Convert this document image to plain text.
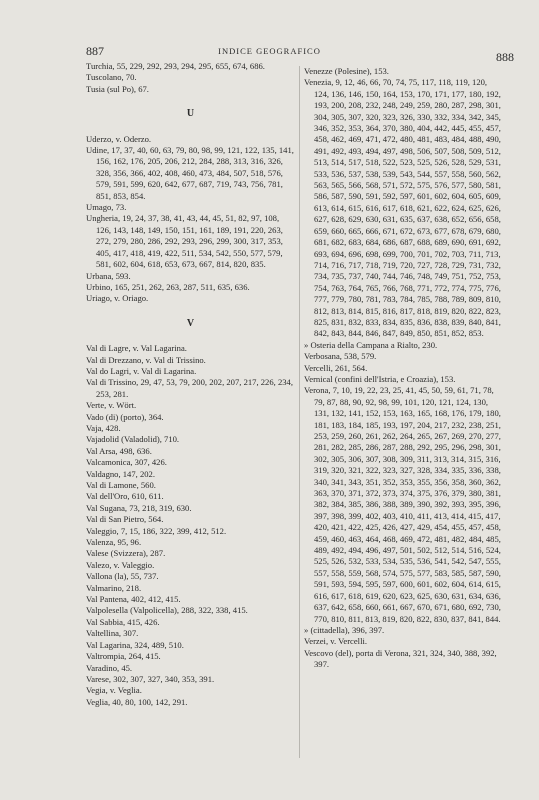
887	INDICE GEOGRAFICO	888
Turchia, 55, 229, 292, 293, 294, 295, 655, 674, 686.
Tuscolano, 70.
Tusia (sul Po), 67.
U
Uderzo, v. Oderzo.
Udine, 17, 37, 40, 60, 63, 79, 80, 98, 99, 121, 122, 135, 141, 156, 162, 176, 205, 206, 212, 284, 288, 313, 316, 326, 328, 356, 366, 402, 408, 460, 473, 484, 507, 518, 576, 579, 591, 599, 620, 642, 677, 687, 719, 743, 756, 781, 851, 853, 854.
Umago, 73.
Ungheria, 19, 24, 37, 38, 41, 43, 44, 45, 51, 82, 97, 108, 126, 143, 148, 149, 150, 151, 161, 189, 191, 220, 263, 272, 279, 280, 286, 292, 293, 296, 299, 300, 317, 353, 405, 417, 418, 419, 422, 511, 534, 542, 550, 577, 579, 581, 602, 604, 618, 653, 673, 667, 814, 820, 835.
Urbana, 593.
Urbino, 165, 251, 262, 263, 287, 511, 635, 636.
Uriago, v. Oriago.
V
Val di Lagre, v. Val Lagarina.
Val di Drezzano, v. Val di Trissino.
Val do Lagri, v. Val di Lagarina.
Val di Trissino, 29, 47, 53, 79, 200, 202, 207, 217, 226, 234, 253, 281.
Verte, v. Wört.
Vado (di) (porto), 364.
Vaja, 428.
Vajadolid (Valadolid), 710.
Val Arsa, 498, 636.
Valcamonica, 307, 426.
Valdagno, 147, 202.
Val di Lamone, 560.
Val dell'Oro, 610, 611.
Val Sugana, 73, 218, 319, 630.
Val di San Pietro, 564.
Valeggio, 7, 15, 186, 322, 399, 412, 512.
Valenza, 95, 96.
Valese (Svizzera), 287.
Valezo, v. Valeggio.
Vallona (la), 55, 737.
Valmarino, 218.
Val Pantena, 402, 412, 415.
Valpolesella (Valpolicella), 288, 322, 338, 415.
Val Sabbia, 415, 426.
Valtellina, 307.
Val Lagarina, 324, 489, 510.
Valtrompia, 264, 415.
Varadino, 45.
Varese, 302, 307, 327, 340, 353, 391.
Vegia, v. Veglia.
Veglia, 40, 80, 100, 142, 291.
Venezze (Polesine), 153.
Venezia, 9, 12, 46, 66, 70, 74, 75, 117, 118, 119, 120, 124, 136, 146, 150, 164, 153, 170, 171, 177, 180, 192, 193, 200, 208, 232, 248, 249, 259, 280, 287, 298, 301, 304, 305, 307, 320, 323, 326, 330, 332, 334, 342, 345, 346, 352, 353, 364, 370, 380, 404, 442, 445, 455, 457, 458, 462, 469, 471, 472, 480, 481, 483, 484, 488, 490, 491, 492, 493, 494, 497, 498, 506, 507, 508, 509, 512, 513, 514, 517, 518, 522, 523, 525, 526, 528, 529, 531, 533, 536, 537, 538, 539, 543, 544, 557, 558, 560, 562, 563, 565, 566, 568, 571, 572, 575, 576, 577, 580, 581, 586, 587, 590, 591, 592, 597, 601, 602, 604, 605, 609, 613, 614, 615, 616, 617, 618, 621, 622, 624, 625, 626, 627, 628, 629, 630, 631, 635, 637, 638, 652, 656, 658, 659, 660, 665, 666, 671, 672, 673, 677, 678, 679, 680, 681, 682, 683, 684, 686, 687, 688, 689, 690, 691, 692, 693, 694, 696, 698, 699, 700, 701, 702, 703, 711, 713, 714, 716, 717, 718, 719, 720, 727, 728, 729, 731, 732, 734, 735, 737, 740, 744, 746, 748, 749, 751, 752, 753, 754, 763, 764, 765, 766, 768, 771, 772, 774, 775, 776, 777, 779, 780, 781, 783, 784, 785, 788, 789, 809, 810, 812, 813, 814, 815, 816, 817, 818, 819, 820, 822, 823, 825, 831, 832, 833, 834, 835, 836, 838, 839, 840, 841, 842, 843, 844, 846, 847, 849, 850, 851, 852, 853.
» Osteria della Campana a Rialto, 230.
Verbosana, 538, 579.
Vercelli, 261, 564.
Vernical (confini dell'Istria, e Croazia), 153.
Verona, 7, 10, 19, 22, 23, 25, 41, 45, 50, 59, 61, 71, 78, 79, 87, 88, 90, 92, 98, 99, 101, 120, 121, 124, 130, 131, 132, 141, 152, 153, 163, 165, 168, 176, 179, 180, 181, 183, 184, 185, 193, 197, 204, 217, 232, 238, 251, 253, 259, 260, 261, 262, 264, 265, 267, 269, 270, 277, 281, 282, 285, 286, 287, 288, 292, 295, 296, 298, 301, 302, 305, 306, 307, 308, 309, 311, 313, 314, 315, 316, 319, 320, 321, 322, 323, 327, 328, 334, 335, 336, 338, 340, 341, 343, 351, 352, 353, 355, 356, 358, 360, 362, 363, 370, 371, 372, 373, 374, 375, 376, 379, 380, 381, 382, 384, 385, 386, 388, 389, 390, 392, 393, 395, 396, 397, 398, 399, 402, 403, 410, 411, 413, 414, 415, 417, 420, 421, 422, 425, 426, 427, 429, 454, 455, 457, 458, 459, 460, 463, 464, 468, 469, 472, 481, 482, 484, 485, 489, 492, 494, 496, 497, 501, 502, 512, 514, 516, 524, 525, 526, 532, 533, 534, 535, 536, 541, 542, 547, 555, 557, 558, 559, 568, 574, 575, 577, 583, 585, 587, 590, 591, 593, 594, 595, 597, 600, 601, 602, 604, 614, 615, 616, 617, 618, 619, 620, 623, 625, 630, 631, 634, 636, 637, 642, 658, 660, 661, 667, 670, 671, 680, 692, 730, 770, 810, 811, 813, 819, 820, 822, 830, 837, 841, 844.
» (cittadella), 396, 397.
Verzei, v. Vercelli.
Vescovo (del), porta di Verona, 321, 324, 340, 388, 392, 397.
